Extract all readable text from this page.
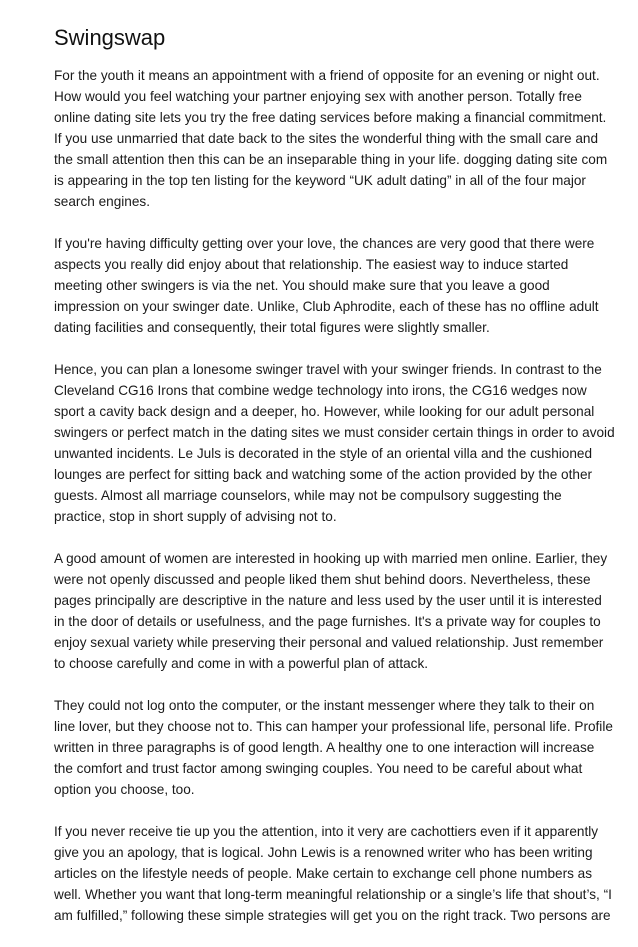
Swingswap
For the youth it means an appointment with a friend of opposite for an evening or night out.
How would you feel watching your partner enjoying sex with another person. Totally free
online dating site lets you try the free dating services before making a financial commitment.
If you use unmarried that date back to the sites the wonderful thing with the small care and
the small attention then this can be an inseparable thing in your life. dogging dating site com
is appearing in the top ten listing for the keyword “UK adult dating” in all of the four major
search engines.
If you're having difficulty getting over your love, the chances are very good that there were
aspects you really did enjoy about that relationship. The easiest way to induce started
meeting other swingers is via the net. You should make sure that you leave a good
impression on your swinger date. Unlike, Club Aphrodite, each of these has no offline adult
dating facilities and consequently, their total figures were slightly smaller.
Hence, you can plan a lonesome swinger travel with your swinger friends. In contrast to the
Cleveland CG16 Irons that combine wedge technology into irons, the CG16 wedges now
sport a cavity back design and a deeper, ho. However, while looking for our adult personal
swingers or perfect match in the dating sites we must consider certain things in order to avoid
unwanted incidents. Le Juls is decorated in the style of an oriental villa and the cushioned
lounges are perfect for sitting back and watching some of the action provided by the other
guests. Almost all marriage counselors, while may not be compulsory suggesting the
practice, stop in short supply of advising not to.
A good amount of women are interested in hooking up with married men online. Earlier, they
were not openly discussed and people liked them shut behind doors. Nevertheless, these
pages principally are descriptive in the nature and less used by the user until it is interested
in the door of details or usefulness, and the page furnishes. It's a private way for couples to
enjoy sexual variety while preserving their personal and valued relationship. Just remember
to choose carefully and come in with a powerful plan of attack.
They could not log onto the computer, or the instant messenger where they talk to their on
line lover, but they choose not to. This can hamper your professional life, personal life. Profile
written in three paragraphs is of good length. A healthy one to one interaction will increase
the comfort and trust factor among swinging couples. You need to be careful about what
option you choose, too.
If you never receive tie up you the attention, into it very are cachottiers even if it apparently
give you an apology, that is logical. John Lewis is a renowned writer who has been writing
articles on the lifestyle needs of people. Make certain to exchange cell phone numbers as
well. Whether you want that long-term meaningful relationship or a single’s life that shout’s, “I
am fulfilled,” following these simple strategies will get you on the right track. Two persons are
